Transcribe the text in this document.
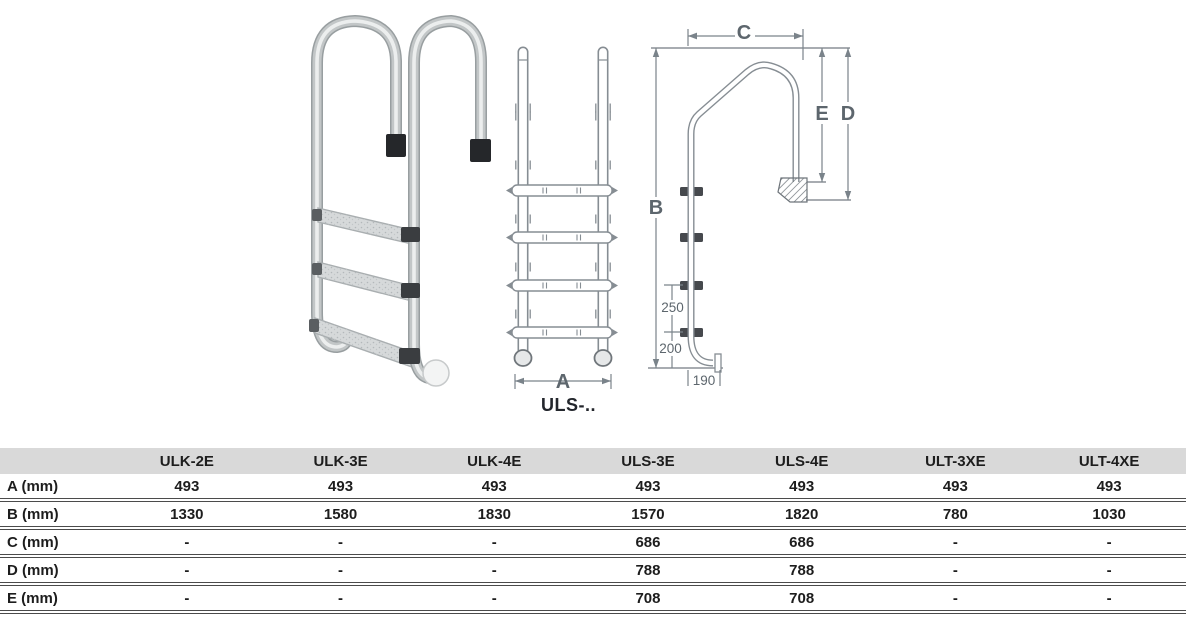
A
ULS-..
C
B
E D
250
200
190
	ULK-2E	ULK-3E	ULK-4E	ULS-3E	ULS-4E	ULT-3XE	ULT-4XE
A (mm)	493	493	493	493	493	493	493
B (mm)	1330	1580	1830	1570	1820	780	1030
C (mm)	-	-	-	686	686	-	-
D (mm)	-	-	-	788	788	-	-
E (mm)	-	-	-	708	708	-	-
